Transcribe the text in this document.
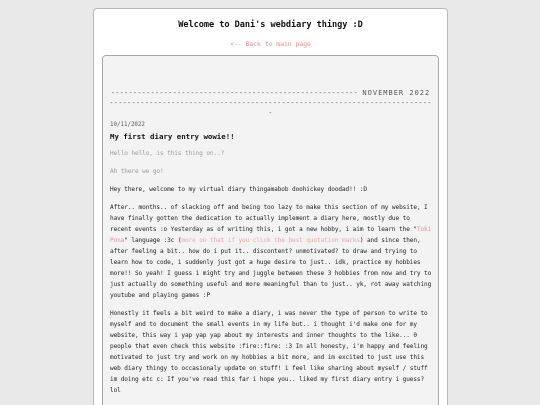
Welcome to Dani's webdiary thingy :D
<-- Back to main page
-------------------------------------------------------- NOVEMBER 2022 --------------------------------------------------------------------------
10/11/2022
My first diary entry wowie!!
Hello hello, is this thing on..?
Ah there we go!
Hey there, welcome to my virtual diary thingamabob doohickey doodad!! :D
After.. months.. of slacking off and being too lazy to make this section of my website, I have finally gotten the dedication to actually implement a diary here, mostly due to recent events :o Yesterday as of writing this, i got a new hobby, i aim to learn the "Toki Pona" language :3c (more on that if you click the best quotation marks) and since then, after feeling a bit.. how do i put it.. discontent? unmotivated? to draw and trying to learn how to code, i suddenly just got a huge desire to just.. idk, practice my hobbies more!! So yeah! I guess i might try and juggle between these 3 hobbies from now and try to just actually do something useful and more meaningful than to just.. yk, rot away watching youtube and playing games :P
Honestly it feels a bit weird to make a diary, i was never the type of person to write to myself and to document the small events in my life but.. i thought i'd make one for my website, this way i yap yap yap about my interests and inner thoughts to the like... 0 people that even check this website :fire::fire: :3 In all honesty, i'm happy and feeling motivated to just try and work on my hobbies a bit more, and im excited to just use this web diary thingy to occasionaly update on stuff! i feel like sharing about myself / stuff im doing etc c: If you've read this far i hope you.. liked my first diary entry i guess? lol
